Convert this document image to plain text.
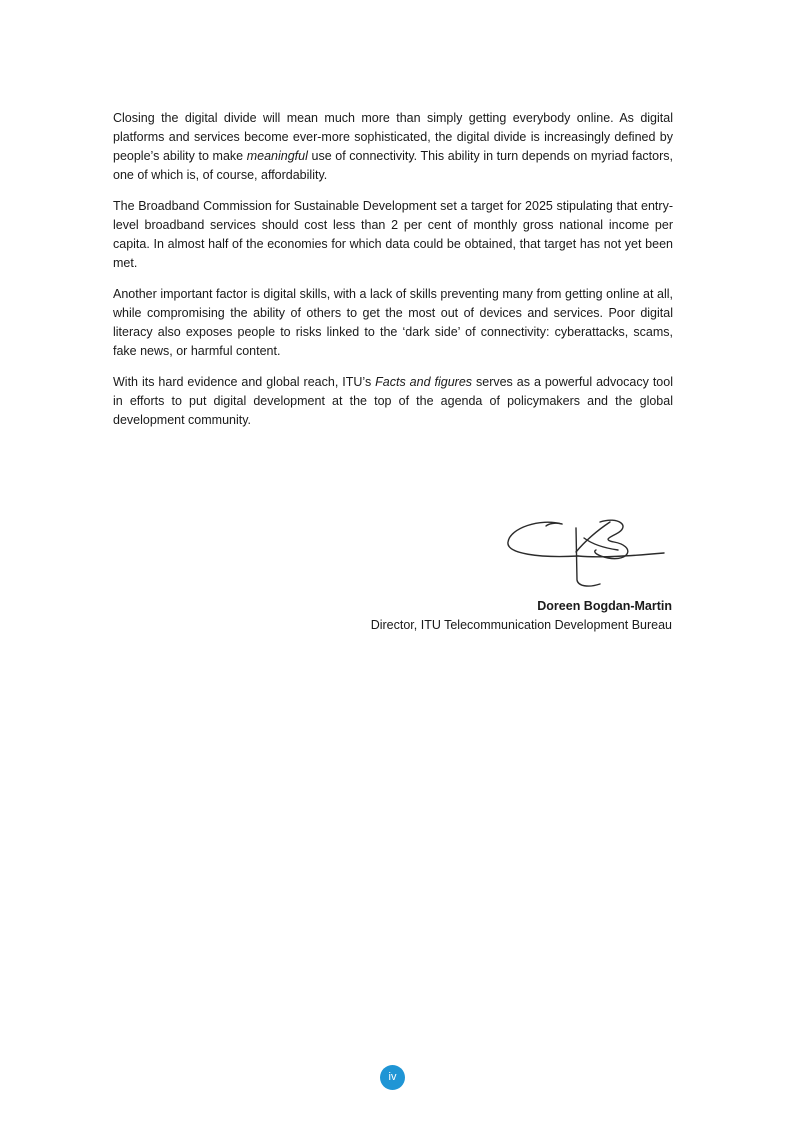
Closing the digital divide will mean much more than simply getting everybody online. As digital platforms and services become ever-more sophisticated, the digital divide is increasingly defined by people’s ability to make meaningful use of connectivity. This ability in turn depends on myriad factors, one of which is, of course, affordability.

The Broadband Commission for Sustainable Development set a target for 2025 stipulating that entry-level broadband services should cost less than 2 per cent of monthly gross national income per capita. In almost half of the economies for which data could be obtained, that target has not yet been met.

Another important factor is digital skills, with a lack of skills preventing many from getting online at all, while compromising the ability of others to get the most out of devices and services. Poor digital literacy also exposes people to risks linked to the ‘dark side’ of connectivity: cyberattacks, scams, fake news, or harmful content.

With its hard evidence and global reach, ITU’s Facts and figures serves as a powerful advocacy tool in efforts to put digital development at the top of the agenda of policymakers and the global development community.

Doreen Bogdan-Martin
Director, ITU Telecommunication Development Bureau
iv
